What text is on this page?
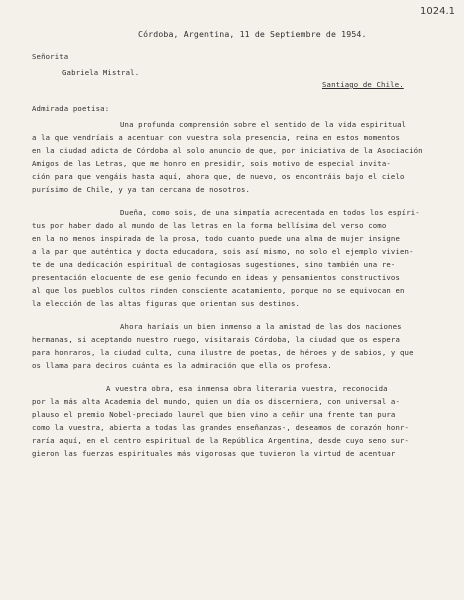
1024.1
Córdoba, Argentina, 11 de Septiembre de 1954.
Señorita
Gabriela Mistral.
Santiago de Chile.
Admirada poetisa:
Una profunda comprensión sobre el sentido de la vida espiritual
a la que vendríais a acentuar con vuestra sola presencia, reina en estos momentos
en la ciudad adicta de Córdoba al solo anuncio de que, por iniciativa de la Asociación
Amigos de las Letras, que me honro en presidir, sois motivo de especial invita-
ción para que vengáis hasta aquí, ahora que, de nuevo, os encontráis bajo el cielo
purísimo de Chile, y ya tan cercana de nosotros.
Dueña, como sois, de una simpatía acrecentada en todos los espíri-
tus por haber dado al mundo de las letras en la forma bellísima del verso como
en la no menos inspirada de la prosa, todo cuanto puede una alma de mujer insigne
a la par que auténtica y docta educadora, sois así mismo, no solo el ejemplo vivien-
te de una dedicación espiritual de contagiosas sugestiones, sino también una re-
presentación elocuente de ese genio fecundo en ideas y pensamientos constructivos
al que los pueblos cultos rinden consciente acatamiento, porque no se equivocan en
la elección de las altas figuras que orientan sus destinos.
Ahora haríais un bien inmenso a la amistad de las dos naciones
hermanas, si aceptando nuestro ruego, visitarais Córdoba, la ciudad que os espera
para honraros, la ciudad culta, cuna ilustre de poetas, de héroes y de sabios, y que
os llama para deciros cuánta es la admiración que ella os profesa.
A vuestra obra, esa inmensa obra literaria vuestra, reconocida
por la más alta Academia del mundo, quien un día os discerniera, con universal a-
plauso el premio Nobel-preciado laurel que bien vino a ceñir una frente tan pura
como la vuestra, abierta a todas las grandes enseñanzas-, deseamos de corazón honr-
raría aquí, en el centro espiritual de la República Argentina, desde cuyo seno sur-
gieron las fuerzas espirituales más vigorosas que tuvieron la virtud de acentuar
